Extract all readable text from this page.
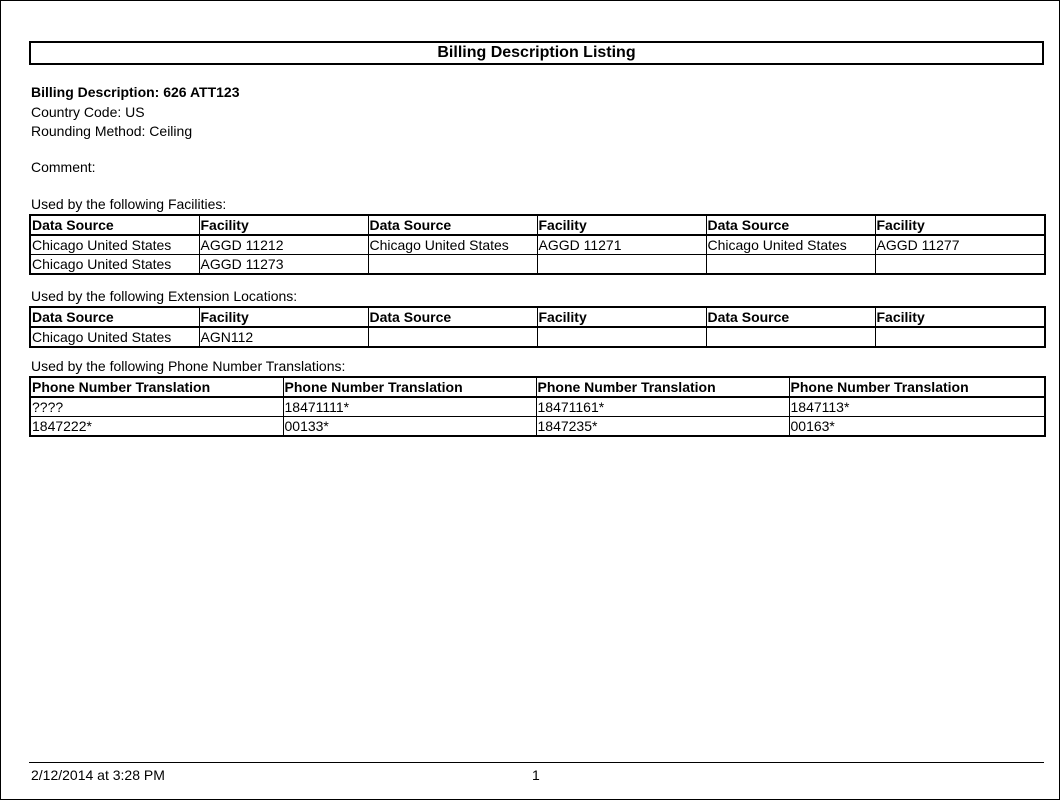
Billing Description Listing
Billing Description: 626 ATT123
Country Code: US
Rounding Method: Ceiling
Comment:
Used by the following Facilities:
Data Source	Facility	Data Source	Facility	Data Source	Facility
Chicago United States	AGGD 11212	Chicago United States	AGGD 11271	Chicago United States	AGGD 11277
Chicago United States	AGGD 11273				
Used by the following Extension Locations:
Data Source	Facility	Data Source	Facility	Data Source	Facility
Chicago United States	AGN112				
Used by the following Phone Number Translations:
Phone Number Translation	Phone Number Translation	Phone Number Translation	Phone Number Translation
????	18471111*	18471161*	1847113*
1847222*	00133*	1847235*	00163*
2/12/2014 at 3:28 PM	1
